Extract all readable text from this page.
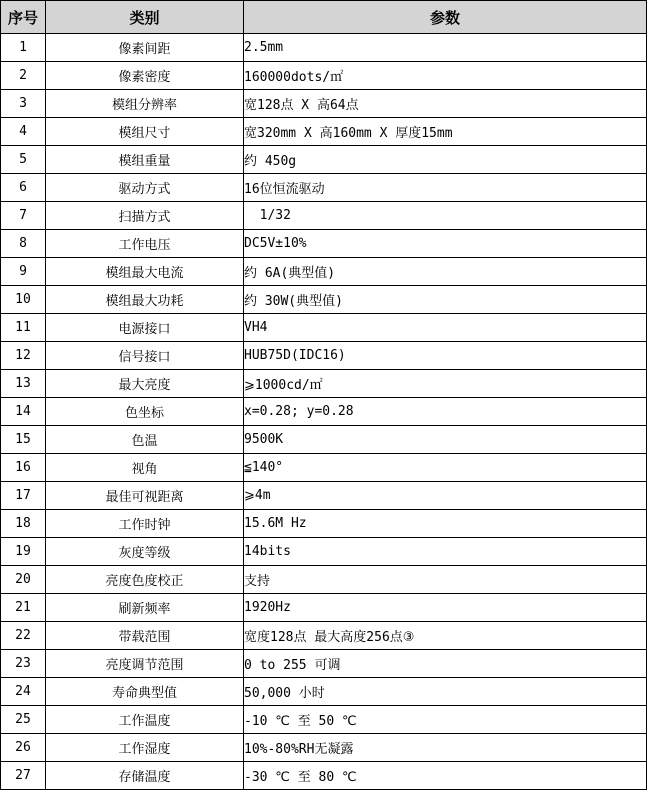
序号	类别	参数
1	像素间距	2.5mm
2	像素密度	160000dots/㎡
3	模组分辨率	宽128点 X 高64点
4	模组尺寸	宽320mm X 高160mm X 厚度15mm
5	模组重量	约 450g
6	驱动方式	16位恒流驱动
7	扫描方式	1/32
8	工作电压	DC5V±10%
9	模组最大电流	约 6A(典型值)
10	模组最大功耗	约 30W(典型值)
11	电源接口	VH4
12	信号接口	HUB75D(IDC16)
13	最大亮度	⩾1000cd/㎡
14	色坐标	x=0.28; y=0.28
15	色温	9500K
16	视角	≦140°
17	最佳可视距离	⩾4m
18	工作时钟	15.6M Hz
19	灰度等级	14bits
20	亮度色度校正	支持
21	刷新频率	1920Hz
22	带载范围	宽度128点 最大高度256点③
23	亮度调节范围	0 to 255 可调
24	寿命典型值	50,000 小时
25	工作温度	-10 ℃ 至 50 ℃
26	工作湿度	10%-80%RH无凝露
27	存储温度	-30 ℃ 至 80 ℃
